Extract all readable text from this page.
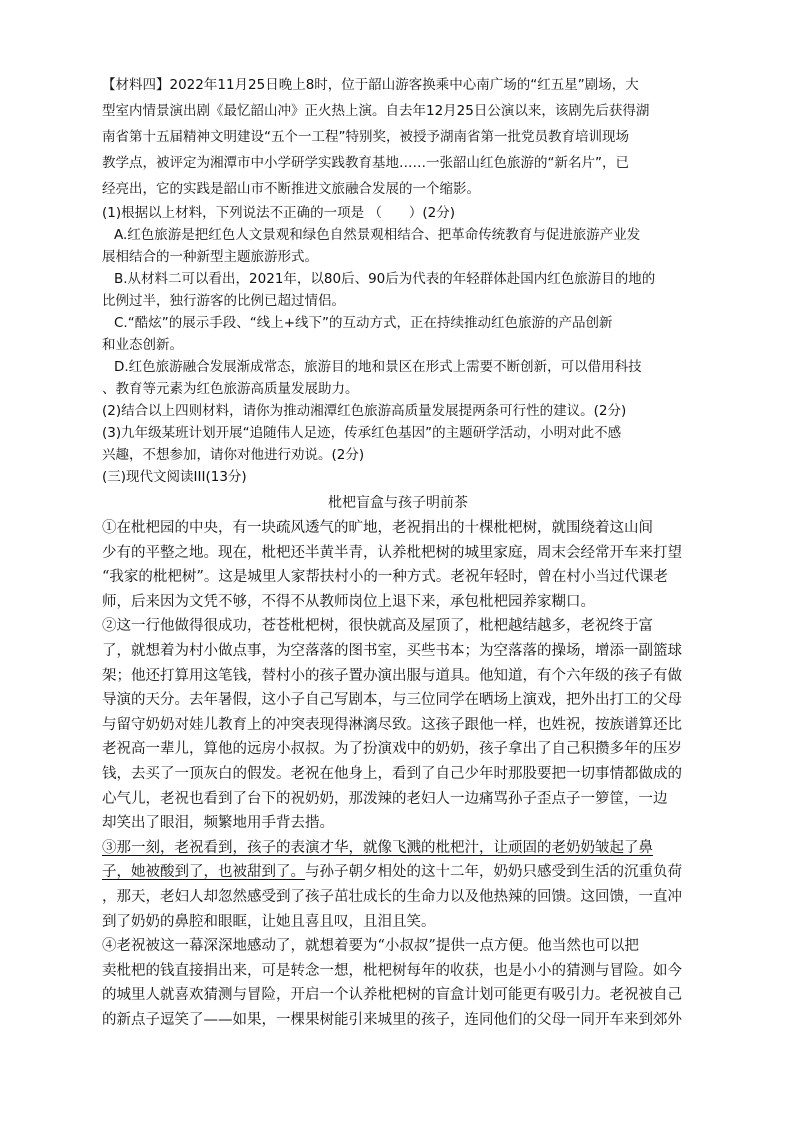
【材料四】2022年11月25日晚上8时，位于韶山游客换乘中心南广场的“红五星”剧场，大

型室内情景演出剧《最忆韶山冲》正火热上演。自去年12月25日公演以来，该剧先后获得湖

南省第十五届精神文明建设“五个一工程”特别奖，被授予湖南省第一批党员教育培训现场

教学点，被评定为湘潭市中小学研学实践教育基地……一张韶山红色旅游的“新名片”，已

经亮出，它的实践是韶山市不断推进文旅融合发展的一个缩影。

(1)根据以上材料，下列说法不正确的一项是 （　　）(2分)

A.红色旅游是把红色人文景观和绿色自然景观相结合、把革命传统教育与促进旅游产业发

展相结合的一种新型主题旅游形式。

B.从材料二可以看出，2021年，以80后、90后为代表的年轻群体赴国内红色旅游目的地的

比例过半，独行游客的比例已超过情侣。

C.“酷炫”的展示手段、“线上+线下”的互动方式，正在持续推动红色旅游的产品创新

和业态创新。

D.红色旅游融合发展渐成常态，旅游目的地和景区在形式上需要不断创新，可以借用科技

、教育等元素为红色旅游高质量发展助力。

(2)结合以上四则材料，请你为推动湘潭红色旅游高质量发展提两条可行性的建议。(2分)

(3)九年级某班计划开展“追随伟人足迹，传承红色基因”的主题研学活动，小明对此不感

兴趣，不想参加，请你对他进行劝说。(2分)

(三)现代文阅读III(13分)

枇杷盲盒与孩子明前茶

①在枇杷园的中央，有一块疏风透气的旷地，老祝捐出的十棵枇杷树，就围绕着这山间

少有的平整之地。现在，枇杷还半黄半青，认养枇杷树的城里家庭，周末会经常开车来打望

“我家的枇杷树”。这是城里人家帮扶村小的一种方式。老祝年轻时，曾在村小当过代课老

师，后来因为文凭不够，不得不从教师岗位上退下来，承包枇杷园养家糊口。

②这一行他做得很成功，苍苍枇杷树，很快就高及屋顶了，枇杷越结越多，老祝终于富

了，就想着为村小做点事，为空落落的图书室，买些书本；为空落落的操场，增添一副篮球

架；他还打算用这笔钱，替村小的孩子置办演出服与道具。他知道，有个六年级的孩子有做

导演的天分。去年暑假，这小子自己写剧本，与三位同学在晒场上演戏，把外出打工的父母

与留守奶奶对娃儿教育上的冲突表现得淋漓尽致。这孩子跟他一样，也姓祝，按族谱算还比

老祝高一辈儿，算他的远房小叔叔。为了扮演戏中的奶奶，孩子拿出了自己积攒多年的压岁

钱，去买了一顶灰白的假发。老祝在他身上，看到了自己少年时那股要把一切事情都做成的

心气儿，老祝也看到了台下的祝奶奶，那泼辣的老妇人一边痛骂孙子歪点子一箩筐，一边

却笑出了眼泪，频繁地用手背去揩。

③那一刻，老祝看到，孩子的表演才华，就像飞溅的枇杷汁，让顽固的老奶奶皱起了鼻

子，她被酸到了，也被甜到了。与孙子朝夕相处的这十二年，奶奶只感受到生活的沉重负荷

，那天，老妇人却忽然感受到了孩子茁壮成长的生命力以及他热辣的回馈。这回馈，一直冲

到了奶奶的鼻腔和眼眶，让她且喜且叹，且泪且笑。

④老祝被这一幕深深地感动了，就想着要为“小叔叔”提供一点方便。他当然也可以把

卖枇杷的钱直接捐出来，可是转念一想，枇杷树每年的收获，也是小小的猜测与冒险。如今

的城里人就喜欢猜测与冒险，开启一个认养枇杷树的盲盒计划可能更有吸引力。老祝被自己

的新点子逗笑了——如果，一棵果树能引来城里的孩子，连同他们的父母一同开车来到郊外
